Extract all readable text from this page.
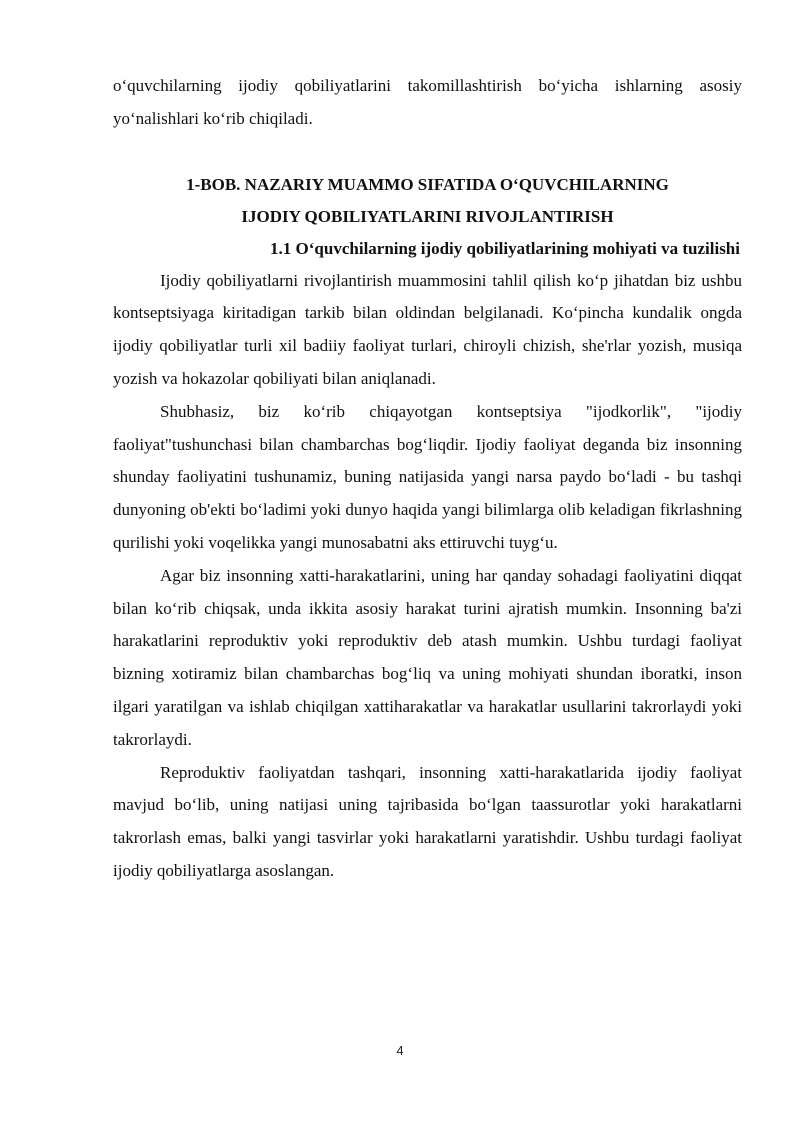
o‘quvchilarning ijodiy qobiliyatlarini takomillashtirish bo‘yicha ishlarning asosiy yo‘nalishlari ko‘rib chiqiladi.

1-BOB. NAZARIY MUAMMO SIFATIDA O‘QUVCHILARNING
IJODIY QOBILIYATLARINI RIVOJLANTIRISH

1.1 O‘quvchilarning ijodiy qobiliyatlarining mohiyati va tuzilishi

Ijodiy qobiliyatlarni rivojlantirish muammosini tahlil qilish ko‘p jihatdan biz ushbu kontseptsiyaga kiritadigan tarkib bilan oldindan belgilanadi. Ko‘pincha kundalik ongda ijodiy qobiliyatlar turli xil badiiy faoliyat turlari, chiroyli chizish, she'rlar yozish, musiqa yozish va hokazolar qobiliyati bilan aniqlanadi.

Shubhasiz, biz ko‘rib chiqayotgan kontseptsiya "ijodkorlik", "ijodiy faoliyat"tushunchasi bilan chambarchas bog‘liqdir. Ijodiy faoliyat deganda biz insonning shunday faoliyatini tushunamiz, buning natijasida yangi narsa paydo bo‘ladi - bu tashqi dunyoning ob'ekti bo‘ladimi yoki dunyo haqida yangi bilimlarga olib keladigan fikrlashning qurilishi yoki voqelikka yangi munosabatni aks ettiruvchi tuyg‘u.

Agar biz insonning xatti-harakatlarini, uning har qanday sohadagi faoliyatini diqqat bilan ko‘rib chiqsak, unda ikkita asosiy harakat turini ajratish mumkin. Insonning ba'zi harakatlarini reproduktiv yoki reproduktiv deb atash mumkin. Ushbu turdagi faoliyat bizning xotiramiz bilan chambarchas bog‘liq va uning mohiyati shundan iboratki, inson ilgari yaratilgan va ishlab chiqilgan xattiharakatlar va harakatlar usullarini takrorlaydi yoki takrorlaydi.

Reproduktiv faoliyatdan tashqari, insonning xatti-harakatlarida ijodiy faoliyat mavjud bo‘lib, uning natijasi uning tajribasida bo‘lgan taassurotlar yoki harakatlarni takrorlash emas, balki yangi tasvirlar yoki harakatlarni yaratishdir. Ushbu turdagi faoliyat ijodiy qobiliyatlarga asoslangan.

4
